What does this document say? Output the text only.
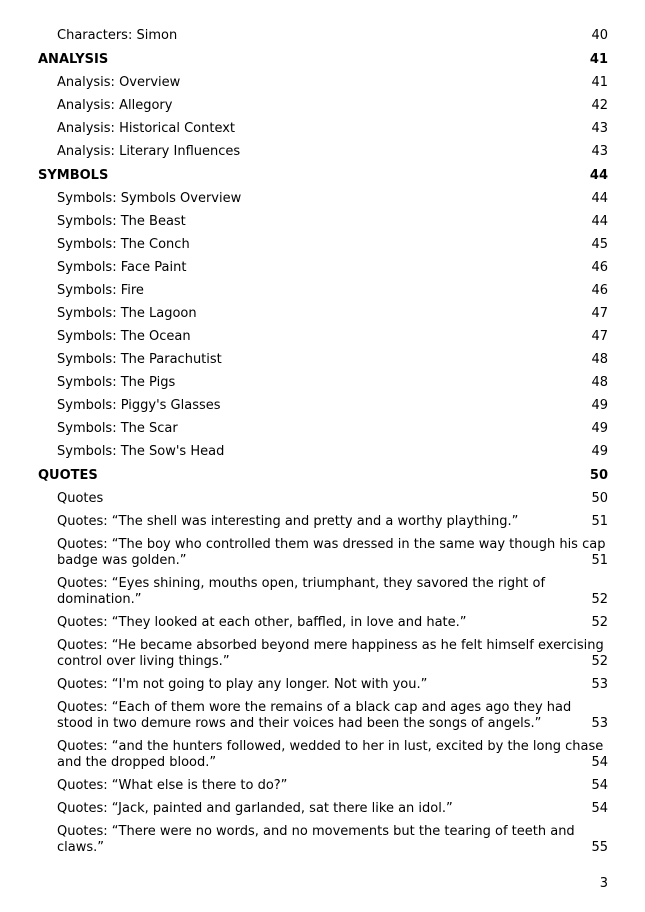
Characters: Simon	40
ANALYSIS	41
Analysis: Overview	41
Analysis: Allegory	42
Analysis: Historical Context	43
Analysis: Literary Influences	43
SYMBOLS	44
Symbols: Symbols Overview	44
Symbols: The Beast	44
Symbols: The Conch	45
Symbols: Face Paint	46
Symbols: Fire	46
Symbols: The Lagoon	47
Symbols: The Ocean	47
Symbols: The Parachutist	48
Symbols: The Pigs	48
Symbols: Piggy's Glasses	49
Symbols: The Scar	49
Symbols: The Sow's Head	49
QUOTES	50
Quotes	50
Quotes: “The shell was interesting and pretty and a worthy plaything.”	51
Quotes: “The boy who controlled them was dressed in the same way though his cap badge was golden.”	51
Quotes: “Eyes shining, mouths open, triumphant, they savored the right of domination.”	52
Quotes: “They looked at each other, baffled, in love and hate.”	52
Quotes: “He became absorbed beyond mere happiness as he felt himself exercising control over living things.”	52
Quotes: “I'm not going to play any longer. Not with you.”	53
Quotes: “Each of them wore the remains of a black cap and ages ago they had stood in two demure rows and their voices had been the songs of angels.”	53
Quotes: “and the hunters followed, wedded to her in lust, excited by the long chase and the dropped blood.”	54
Quotes: “What else is there to do?”	54
Quotes: “Jack, painted and garlanded, sat there like an idol.”	54
Quotes: “There were no words, and no movements but the tearing of teeth and claws.”	55
3
